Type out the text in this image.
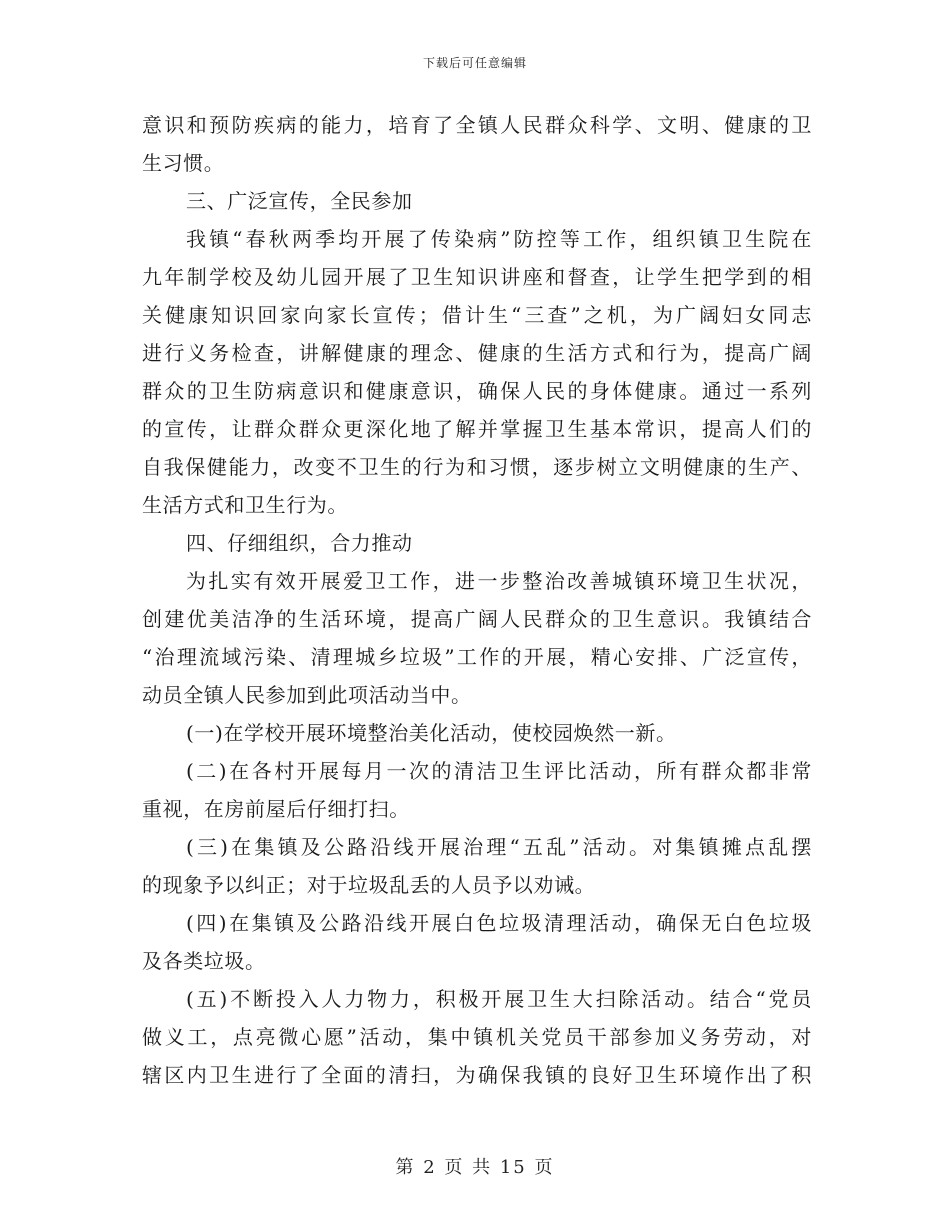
下载后可任意编辑
意识和预防疾病的能力，培育了全镇人民群众科学、文明、健康的卫
生习惯。
三、广泛宣传，全民参加
我镇“春秋两季均开展了传染病”防控等工作，组织镇卫生院在
九年制学校及幼儿园开展了卫生知识讲座和督查，让学生把学到的相
关健康知识回家向家长宣传；借计生“三查”之机，为广阔妇女同志
进行义务检查，讲解健康的理念、健康的生活方式和行为，提高广阔
群众的卫生防病意识和健康意识，确保人民的身体健康。通过一系列
的宣传，让群众群众更深化地了解并掌握卫生基本常识，提高人们的
自我保健能力，改变不卫生的行为和习惯，逐步树立文明健康的生产、
生活方式和卫生行为。
四、仔细组织，合力推动
为扎实有效开展爱卫工作，进一步整治改善城镇环境卫生状况，
创建优美洁净的生活环境，提高广阔人民群众的卫生意识。我镇结合
“治理流域污染、清理城乡垃圾”工作的开展，精心安排、广泛宣传，
动员全镇人民参加到此项活动当中。
(一)在学校开展环境整治美化活动，使校园焕然一新。
(二)在各村开展每月一次的清洁卫生评比活动，所有群众都非常
重视，在房前屋后仔细打扫。
(三)在集镇及公路沿线开展治理“五乱”活动。对集镇摊点乱摆
的现象予以纠正；对于垃圾乱丢的人员予以劝诫。
(四)在集镇及公路沿线开展白色垃圾清理活动，确保无白色垃圾
及各类垃圾。
(五)不断投入人力物力，积极开展卫生大扫除活动。结合“党员
做义工，点亮微心愿”活动，集中镇机关党员干部参加义务劳动，对
辖区内卫生进行了全面的清扫，为确保我镇的良好卫生环境作出了积
第 2 页 共 15 页
